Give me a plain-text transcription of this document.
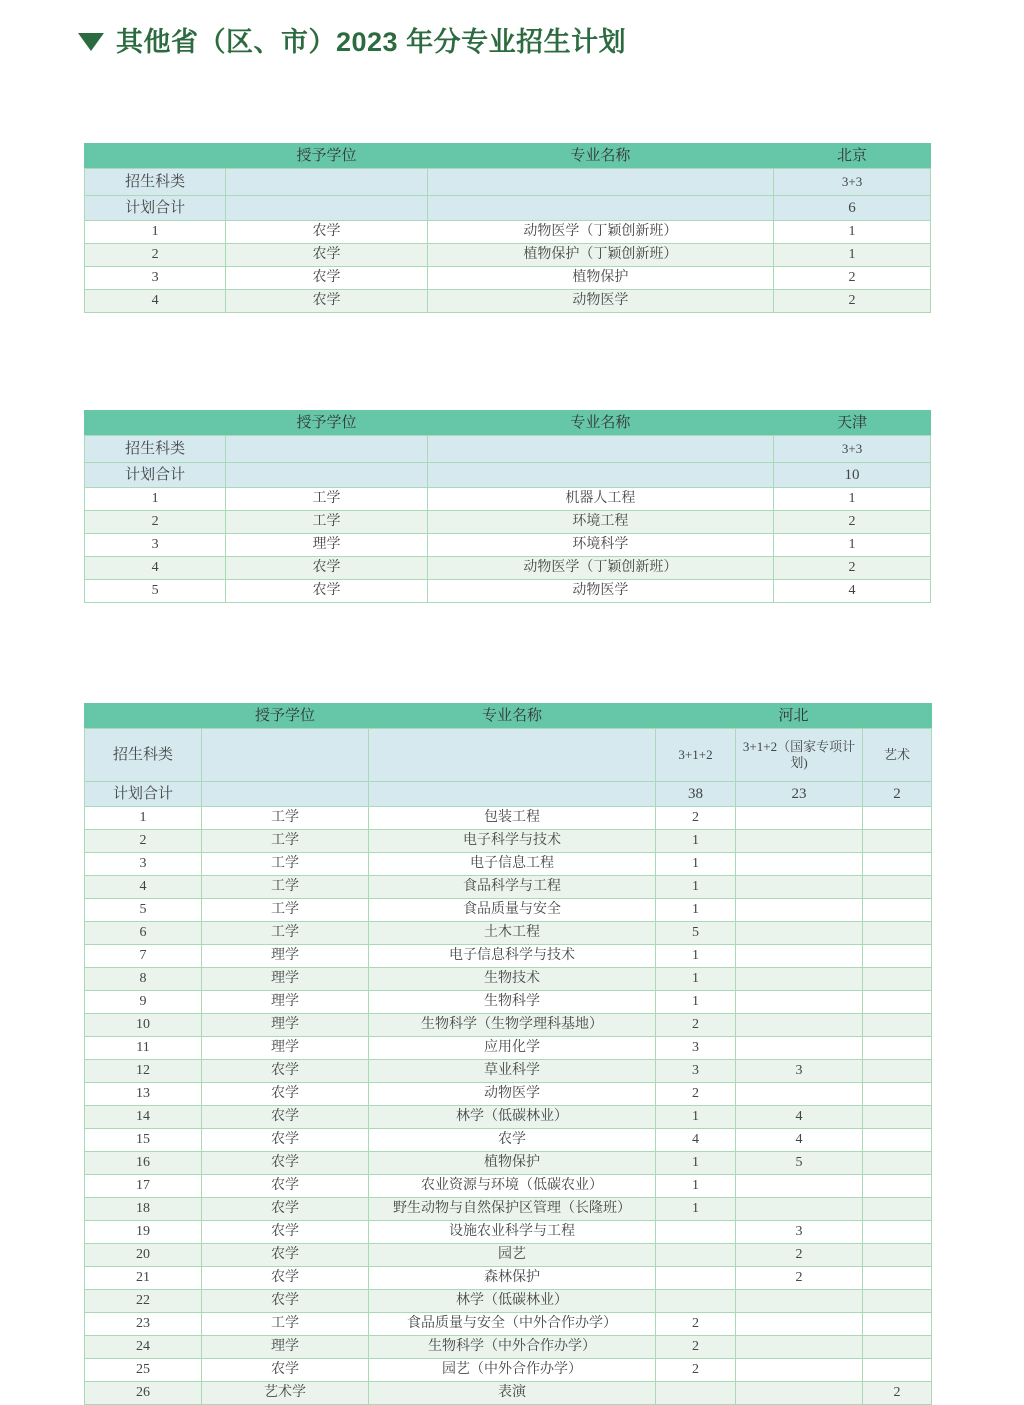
其他省（区、市）2023 年分专业招生计划
	授予学位	专业名称	北京
招生科类			3+3
计划合计			6
1	农学	动物医学（丁颖创新班）	1
2	农学	植物保护（丁颖创新班）	1
3	农学	植物保护	2
4	农学	动物医学	2
	授予学位	专业名称	天津
招生科类			3+3
计划合计			10
1	工学	机器人工程	1
2	工学	环境工程	2
3	理学	环境科学	1
4	农学	动物医学（丁颖创新班）	2
5	农学	动物医学	4
	授予学位	专业名称	河北		
招生科类			3+1+2	3+1+2（国家专项计划)	艺术
计划合计			38	23	2
1	工学	包装工程	2		
2	工学	电子科学与技术	1		
3	工学	电子信息工程	1		
4	工学	食品科学与工程	1		
5	工学	食品质量与安全	1		
6	工学	土木工程	5		
7	理学	电子信息科学与技术	1		
8	理学	生物技术	1		
9	理学	生物科学	1		
10	理学	生物科学（生物学理科基地）	2		
11	理学	应用化学	3		
12	农学	草业科学	3	3	
13	农学	动物医学	2		
14	农学	林学（低碳林业）	1	4	
15	农学	农学	4	4	
16	农学	植物保护	1	5	
17	农学	农业资源与环境（低碳农业）	1		
18	农学	野生动物与自然保护区管理（长隆班）	1		
19	农学	设施农业科学与工程		3	
20	农学	园艺		2	
21	农学	森林保护		2	
22	农学	林学（低碳林业）			
23	工学	食品质量与安全（中外合作办学）	2		
24	理学	生物科学（中外合作办学）	2		
25	农学	园艺（中外合作办学）	2		
26	艺术学	表演			2
